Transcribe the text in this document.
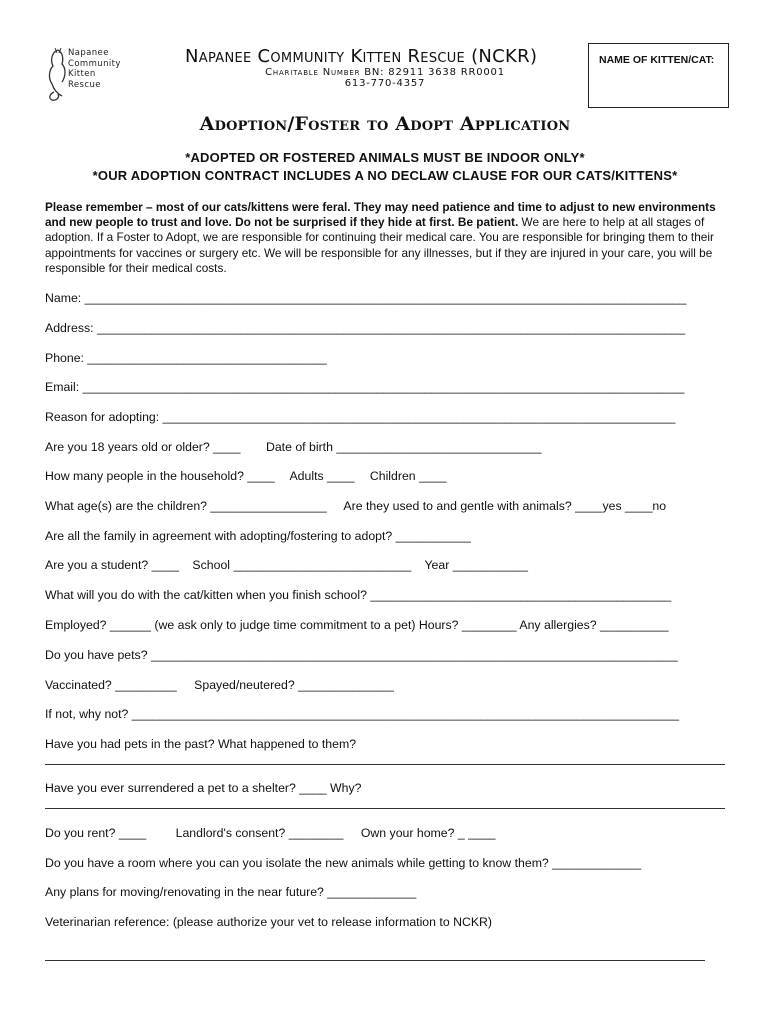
Napanee
Community
Kitten
Rescue
Napanee Community Kitten Rescue (NCKR)
Charitable Number BN: 82911 3638 RR0001
613-770-4357
NAME OF KITTEN/CAT:
Adoption/Foster to Adopt Application
*ADOPTED OR FOSTERED ANIMALS MUST BE INDOOR ONLY*
*OUR ADOPTION CONTRACT INCLUDES A NO DECLAW CLAUSE FOR OUR CATS/KITTENS*
Please remember – most of our cats/kittens were feral. They may need patience and time to adjust to new environments and new people to trust and love. Do not be surprised if they hide at first. Be patient. We are here to help at all stages of adoption. If a Foster to Adopt, we are responsible for continuing their medical care. You are responsible for bringing them to their appointments for vaccines or surgery etc. We will be responsible for any illnesses, but if they are injured in your care, you will be responsible for their medical costs.
Name: ________________________________________________________________________________________
Address: ______________________________________________________________________________________
Phone: ___________________________________
Email: ________________________________________________________________________________________
Reason for adopting: ___________________________________________________________________________
Are you 18 years old or older? ____ Date of birth ______________________________
How many people in the household? ____ Adults ____ Children ____
What age(s) are the children? _________________ Are they used to and gentle with animals? ____yes ____no
Are all the family in agreement with adopting/fostering to adopt? ___________
Are you a student? ____ School __________________________ Year ___________
What will you do with the cat/kitten when you finish school? ____________________________________________
Employed? ______ (we ask only to judge time commitment to a pet) Hours? ________ Any allergies? __________
Do you have pets? _____________________________________________________________________________
Vaccinated? _________ Spayed/neutered? ______________
If not, why not? ________________________________________________________________________________
Have you had pets in the past? What happened to them?
Have you ever surrendered a pet to a shelter? ____ Why?
Do you rent? ____ Landlord's consent? ________ Own your home? _ ____
Do you have a room where you can you isolate the new animals while getting to know them? _____________
Any plans for moving/renovating in the near future? _____________
Veterinarian reference: (please authorize your vet to release information to NCKR)
